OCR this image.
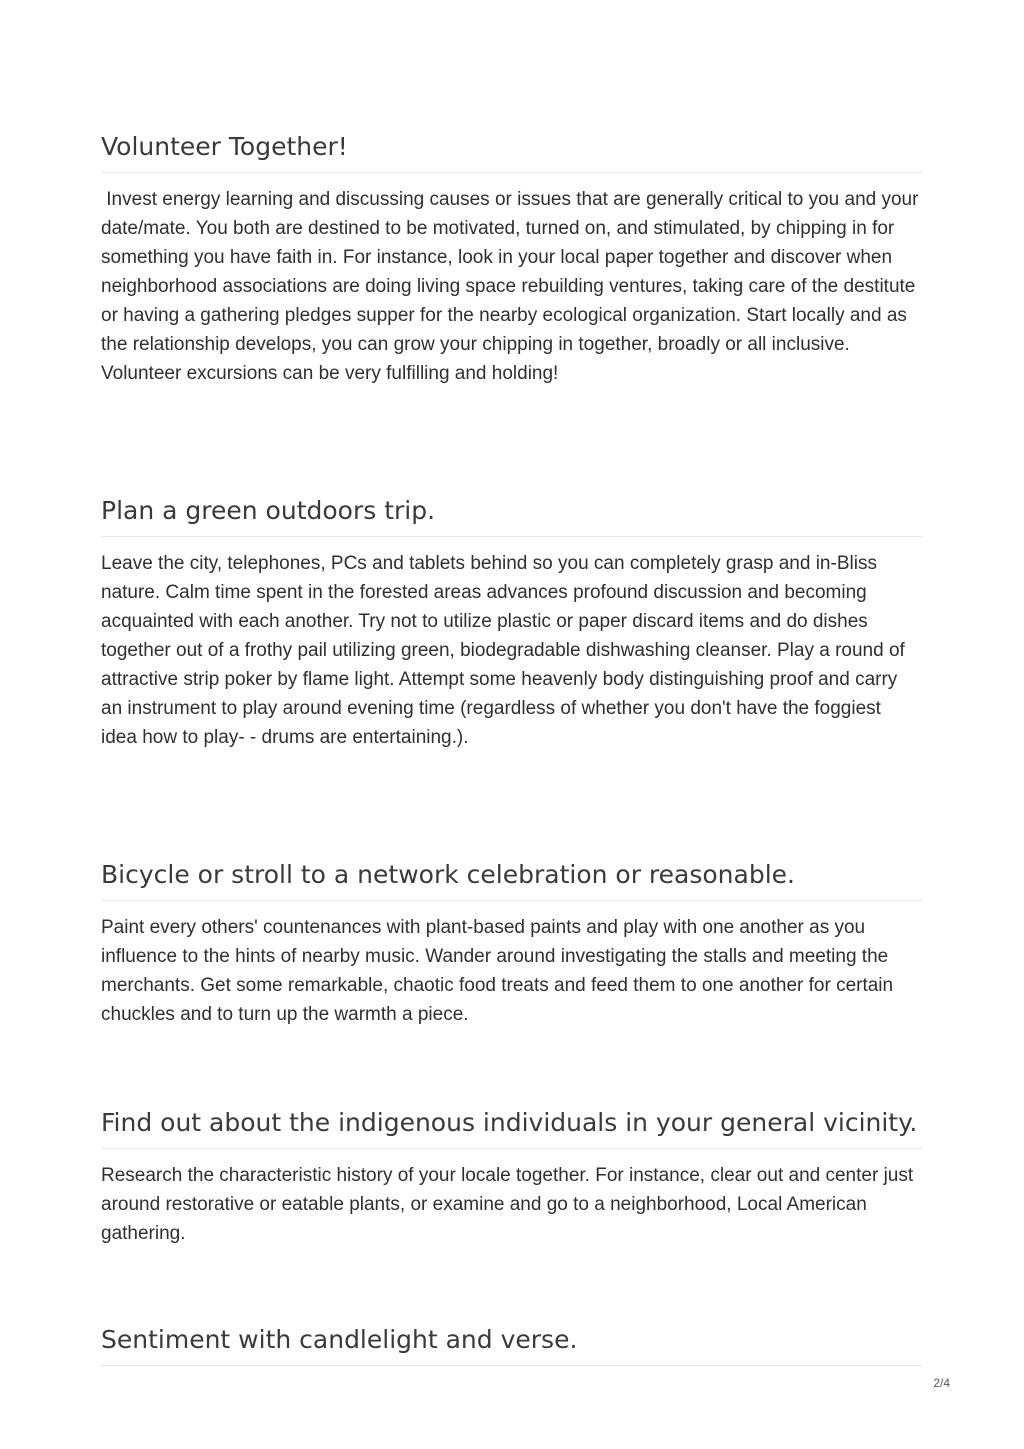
Volunteer Together!

Invest energy learning and discussing causes or issues that are generally critical to you and your date/mate. You both are destined to be motivated, turned on, and stimulated, by chipping in for something you have faith in. For instance, look in your local paper together and discover when neighborhood associations are doing living space rebuilding ventures, taking care of the destitute or having a gathering pledges supper for the nearby ecological organization. Start locally and as the relationship develops, you can grow your chipping in together, broadly or all inclusive. Volunteer excursions can be very fulfilling and holding!

Plan a green outdoors trip.

Leave the city, telephones, PCs and tablets behind so you can completely grasp and in-Bliss nature. Calm time spent in the forested areas advances profound discussion and becoming acquainted with each another. Try not to utilize plastic or paper discard items and do dishes together out of a frothy pail utilizing green, biodegradable dishwashing cleanser. Play a round of attractive strip poker by flame light. Attempt some heavenly body distinguishing proof and carry an instrument to play around evening time (regardless of whether you don't have the foggiest idea how to play- - drums are entertaining.).

Bicycle or stroll to a network celebration or reasonable.

Paint every others' countenances with plant-based paints and play with one another as you influence to the hints of nearby music. Wander around investigating the stalls and meeting the merchants. Get some remarkable, chaotic food treats and feed them to one another for certain chuckles and to turn up the warmth a piece.

Find out about the indigenous individuals in your general vicinity.

Research the characteristic history of your locale together. For instance, clear out and center just around restorative or eatable plants, or examine and go to a neighborhood, Local American gathering.

Sentiment with candlelight and verse.
2/4
